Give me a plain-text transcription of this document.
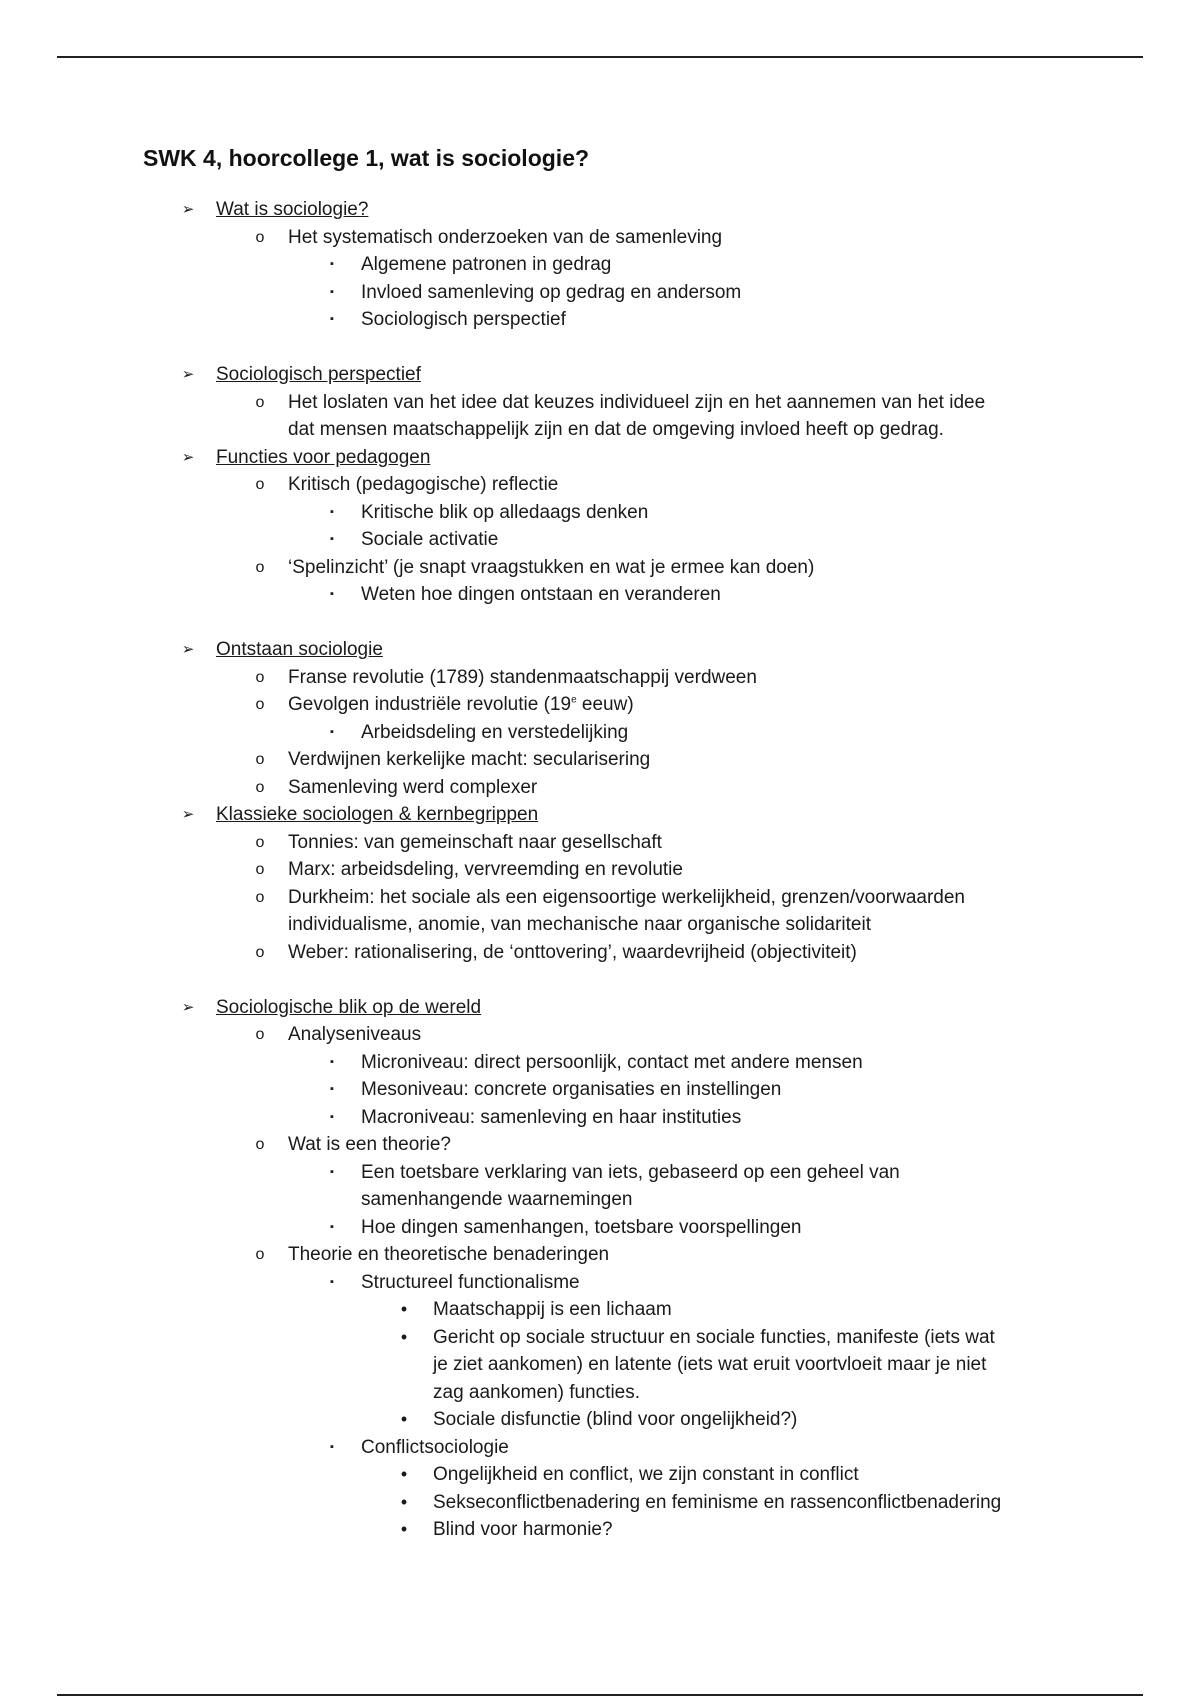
SWK 4, hoorcollege 1, wat is sociologie?
➢ Wat is sociologie?
o Het systematisch onderzoeken van de samenleving
▪	Algemene patronen in gedrag
▪	Invloed samenleving op gedrag en andersom
▪	Sociologisch perspectief
➢ Sociologisch perspectief
o Het loslaten van het idee dat keuzes individueel zijn en het aannemen van het idee
dat mensen maatschappelijk zijn en dat de omgeving invloed heeft op gedrag.
➢ Functies voor pedagogen
o Kritisch (pedagogische) reflectie
▪	Kritische blik op alledaags denken
▪	Sociale activatie
o ‘Spelinzicht’ (je snapt vraagstukken en wat je ermee kan doen)
▪	Weten hoe dingen ontstaan en veranderen
➢ Ontstaan sociologie
o Franse revolutie (1789) standenmaatschappij verdween
o Gevolgen industriële revolutie (19e eeuw)
▪	Arbeidsdeling en verstedelijking
o Verdwijnen kerkelijke macht: secularisering
o Samenleving werd complexer
➢ Klassieke sociologen & kernbegrippen
o Tonnies: van gemeinschaft naar gesellschaft
o Marx: arbeidsdeling, vervreemding en revolutie
o Durkheim: het sociale als een eigensoortige werkelijkheid, grenzen/voorwaarden
individualisme, anomie, van mechanische naar organische solidariteit
o Weber: rationalisering, de ‘onttovering’, waardevrijheid (objectiviteit)
➢ Sociologische blik op de wereld
o Analyseniveaus
▪	Microniveau: direct persoonlijk, contact met andere mensen
▪	Mesoniveau: concrete organisaties en instellingen
▪	Macroniveau: samenleving en haar instituties
o Wat is een theorie?
▪	Een toetsbare verklaring van iets, gebaseerd op een geheel van
samenhangende waarnemingen
▪	Hoe dingen samenhangen, toetsbare voorspellingen
o Theorie en theoretische benaderingen
▪	Structureel functionalisme
•	Maatschappij is een lichaam
•	Gericht op sociale structuur en sociale functies, manifeste (iets wat
je ziet aankomen) en latente (iets wat eruit voortvloeit maar je niet
zag aankomen) functies.
•	Sociale disfunctie (blind voor ongelijkheid?)
▪	Conflictsociologie
•	Ongelijkheid en conflict, we zijn constant in conflict
•	Sekseconflictbenadering en feminisme en rassenconflictbenadering
•	Blind voor harmonie?
